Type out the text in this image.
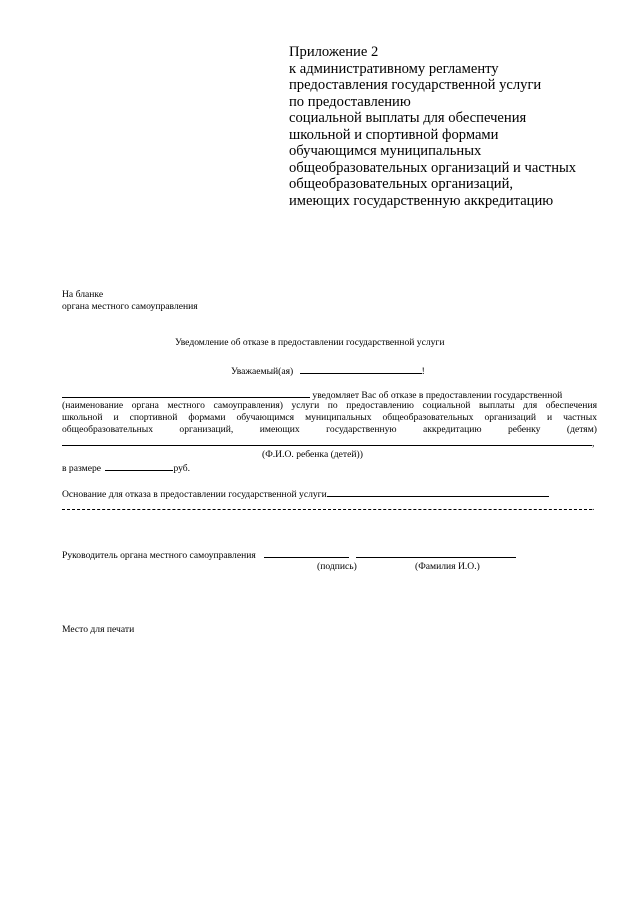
Приложение 2
к административному регламенту
предоставления государственной услуги
по предоставлению
социальной выплаты для обеспечения
школьной и спортивной формами
обучающимся муниципальных
общеобразовательных организаций и частных
общеобразовательных организаций,
имеющих государственную аккредитацию
На бланке
органа местного самоуправления
Уведомление об отказе в предоставлении государственной услуги
Уважаемый(ая)	!
уведомляет Вас об отказе в предоставлении государственной
(наименование органа местного самоуправления) услуги по предоставлению социальной выплаты для обеспечения
школьной и спортивной формами обучающимся муниципальных общеобразовательных организаций и частных
общеобразовательных организаций, имеющих государственную аккредитацию ребенку (детям)
,
(Ф.И.О. ребенка (детей))
в размере	руб.
Основание для отказа в предоставлении государственной услуги
.
Руководитель органа местного самоуправления
(подпись)	(Фамилия И.О.)
Место для печати
